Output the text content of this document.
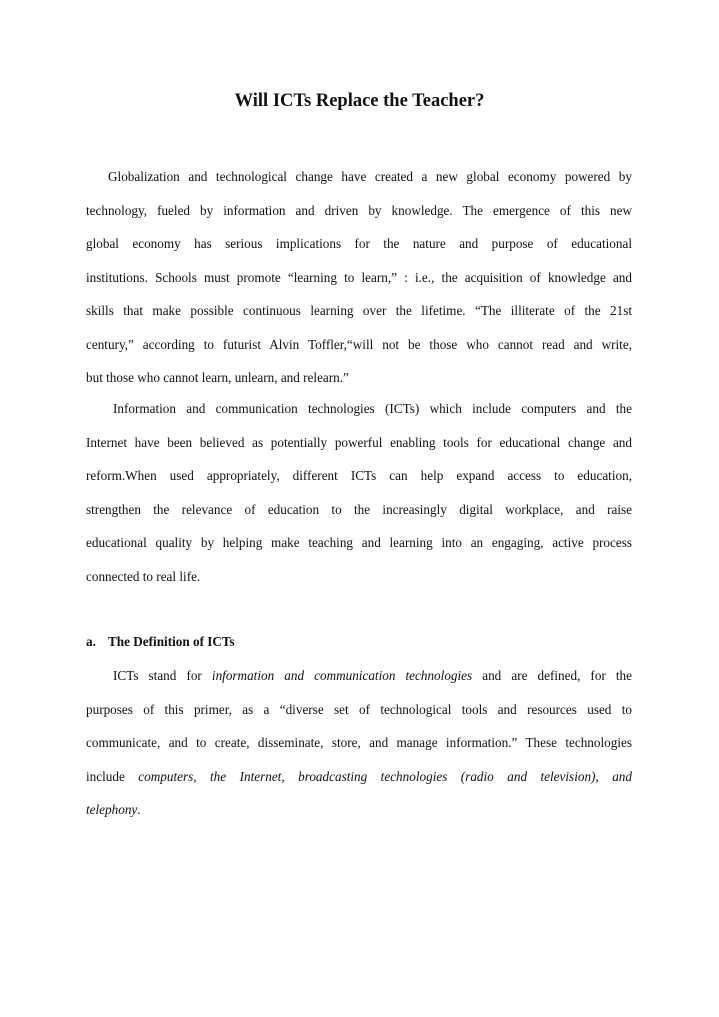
Will ICTs Replace the Teacher?
Globalization and technological change have created a new global economy powered by
technology, fueled by information and driven by knowledge. The emergence of this new
global economy has serious implications for the nature and purpose of educational
institutions. Schools must promote “learning to learn,” : i.e., the acquisition of knowledge and
skills that make possible continuous learning over the lifetime. “The illiterate of the 21st
century,” according to futurist Alvin Toffler,“will not be those who cannot read and write,
but those who cannot learn, unlearn, and relearn.”
Information and communication technologies (ICTs) which include computers and the
Internet have been believed as potentially powerful enabling tools for educational change and
reform.When used appropriately, different ICTs can help expand access to education,
strengthen the relevance of education to the increasingly digital workplace, and raise
educational quality by helping make teaching and learning into an engaging, active process
connected to real life.
a. The Definition of ICTs
ICTs stand for information and communication technologies and are defined, for the
purposes of this primer, as a “diverse set of technological tools and resources used to
communicate, and to create, disseminate, store, and manage information.” These technologies
include computers, the Internet, broadcasting technologies (radio and television), and
telephony.
